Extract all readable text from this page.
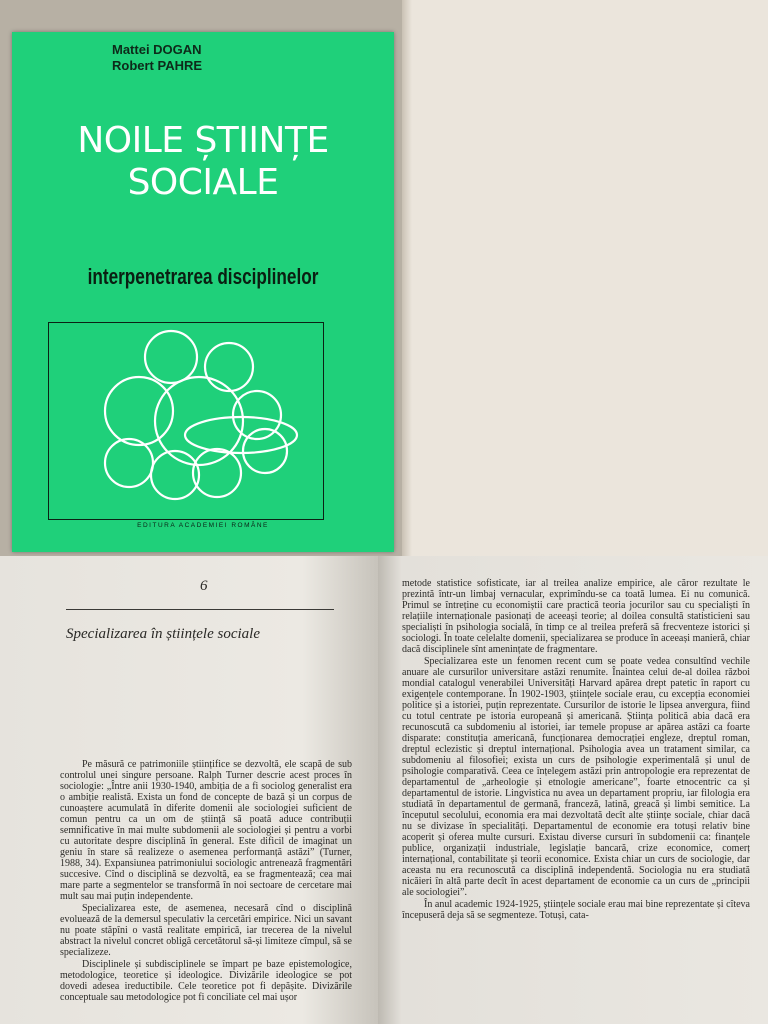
Mattei DOGAN
Robert PAHRE
NOILE ȘTIINȚE
SOCIALE
interpenetrarea disciplinelor
EDITURA ACADEMIEI ROMÂNE
6
Specializarea în științele sociale

Pe măsură ce patrimoniile științifice se dezvoltă, ele scapă de sub controlul unei singure persoane. Ralph Turner descrie acest proces în sociologie: „Între anii 1930-1940, ambiția de a fi sociolog generalist era o ambiție realistă. Exista un fond de concepte de bază și un corpus de cunoaștere acumulată în diferite domenii ale sociologiei suficient de comun pentru ca un om de știință să poată aduce contribuții semnificative în mai multe subdomenii ale sociologiei și pentru a vorbi cu autoritate despre disciplină în general. Este dificil de imaginat un geniu în stare să realizeze o asemenea performanță astăzi” (Turner, 1988, 34). Expansiunea patrimoniului sociologic antrenează fragmentări succesive. Cînd o disciplină se dezvoltă, ea se fragmentează; cea mai mare parte a segmentelor se transformă în noi sectoare de cercetare mai mult sau mai puțin independente.

Specializarea este, de asemenea, necesară cînd o disciplină evoluează de la demersul speculativ la cercetări empirice. Nici un savant nu poate stăpîni o vastă realitate empirică, iar trecerea de la nivelul abstract la nivelul concret obligă cercetătorul să-și limiteze cîmpul, să se specializeze.

Disciplinele și subdisciplinele se împart pe baze epistemologice, metodologice, teoretice și ideologice. Divizările ideologice se pot dovedi adesea ireductibile. Cele teoretice pot fi depășite. Divizările conceptuale sau metodologice pot fi conciliate cel mai ușor

metode statistice sofisticate, iar al treilea analize empirice, ale căror rezultate le prezintă într-un limbaj vernacular, exprimîndu-se ca toată lumea. Ei nu comunică. Primul se întreține cu economiștii care practică teoria jocurilor sau cu specialiști în relațiile internaționale pasionați de aceeași teorie; al doilea consultă statisticieni sau specialiști în psihologia socială, în timp ce al treilea preferă să frecventeze istorici și sociologi. În toate celelalte domenii, specializarea se produce în aceeași manieră, chiar dacă disciplinele sînt amenințate de fragmentare.

Specializarea este un fenomen recent cum se poate vedea consultînd vechile anuare ale cursurilor universitare astăzi renumite. Înaintea celui de-al doilea război mondial catalogul venerabilei Universități Harvard apărea drept patetic în raport cu exigențele contemporane. În 1902-1903, științele sociale erau, cu excepția economiei politice și a istoriei, puțin reprezentate. Cursurilor de istorie le lipsea anvergura, fiind cu totul centrate pe istoria europeană și americană. Știința politică abia dacă era recunoscută ca subdomeniu al istoriei, iar temele propuse ar apărea astăzi ca foarte disparate: constituția americană, funcționarea democrației engleze, dreptul roman, dreptul eclezistic și dreptul internațional. Psihologia avea un tratament similar, ca subdomeniu al filosofiei; exista un curs de psihologie experimentală și unul de psihologie comparativă. Ceea ce înțelegem astăzi prin antropologie era reprezentat de departamentul de „arheologie și etnologie americane”, foarte etnocentric ca și departamentul de istorie. Lingvistica nu avea un departament propriu, iar filologia era studiată în departamentul de germană, franceză, latină, greacă și limbi semitice. La începutul secolului, economia era mai dezvoltată decît alte științe sociale, chiar dacă nu se divizase în specialități. Departamentul de economie era totuși relativ bine acoperit și oferea multe cursuri. Existau diverse cursuri în subdomenii ca: finanțele publice, organizații industriale, legislație bancară, crize economice, comerț internațional, contabilitate și teorii economice. Exista chiar un curs de sociologie, dar aceasta nu era recunoscută ca disciplină independentă. Sociologia nu era studiată nicăieri în altă parte decît în acest departament de economie ca un curs de „principii ale sociologiei”.

În anul academic 1924-1925, științele sociale erau mai bine reprezentate și cîteva începuseră deja să se segmenteze. Totuși, cata-
